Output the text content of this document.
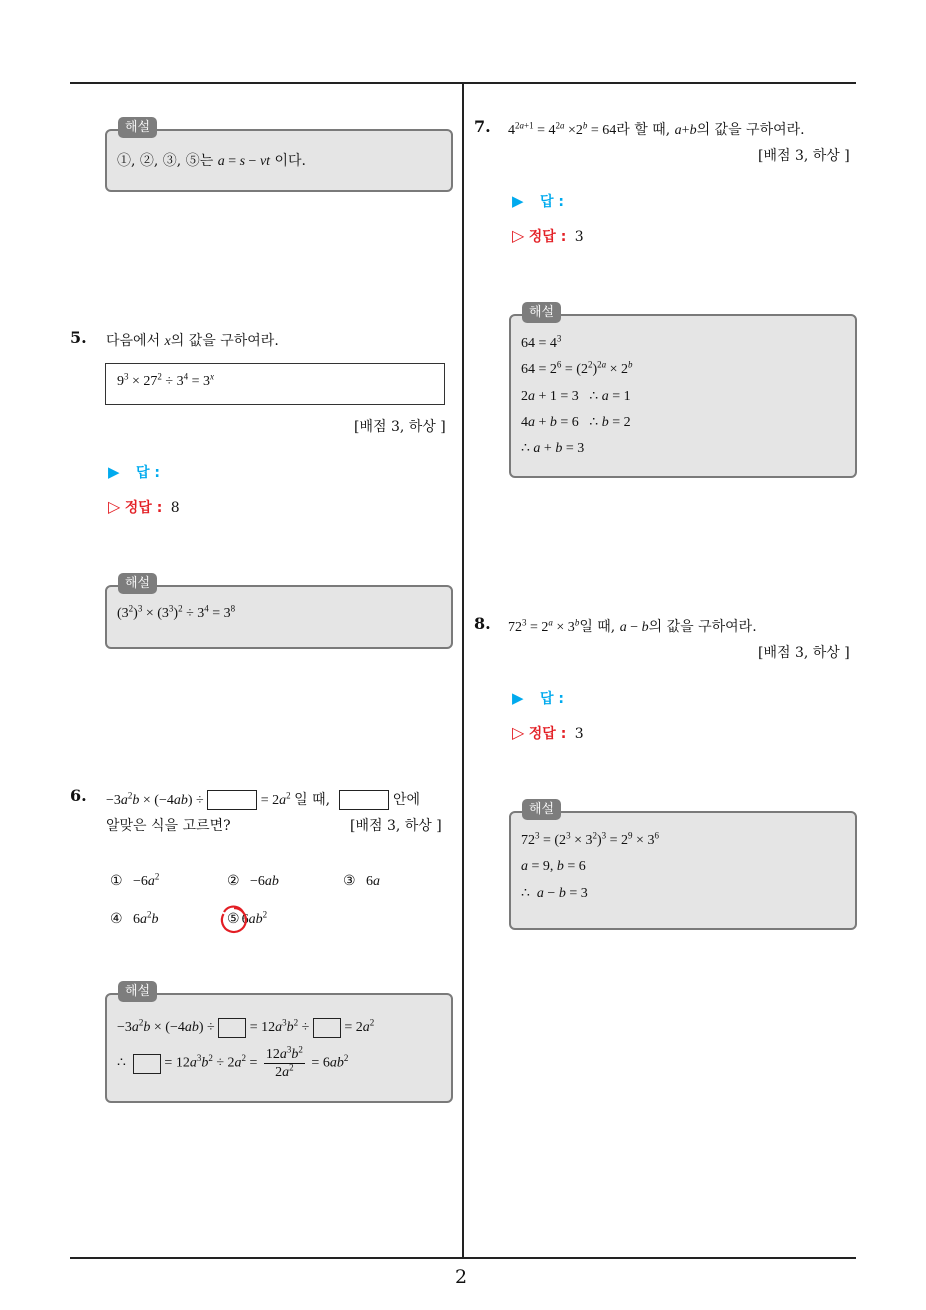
2
해설
①, ②, ③, ⑤는 a = s − vt 이다.
5. 다음에서 x의 값을 구하여라.
$9^3 \times 27^2 \div 3^4 = 3^x$
[배점 3, 하상 ]
▶ 답 :
▷ 정답 : 8
해설
$(3^2)^3 \times (3^3)^2 \div 3^4 = 3^8$
6. $-3a^2b \times (-4ab)$ ÷	= $2a^2$ 일 때,	안에
알맞은 식을 고르면?	[배점 3, 하상 ]
① $-6a^2$	② −6ab	③ 6a
④ $6a^2b$	⑤ $6ab^2$
해설
$-3a^2b \times (-4ab)$ ÷  = $12a^3b^2$ ÷  = $2a^2$
∴   = $12a^3b^2 \div 2a^2 = \frac{12a^3b^2}{2a^2} = 6ab^2$
7. $4^{2a+1} = 4^{2a} \times 2^b = 64$라 할 때, a+b의 값을 구하여라.
[배점 3, 하상 ]
▶ 답 :
▷ 정답 : 3
해설
$64 = 4^3$
$64 = 2^6 = (2^2)^{2a} \times 2^b$
2a + 1 = 3   ∴ a = 1
4a + b = 6   ∴ b = 2
∴ a + b = 3
8. $72^3 = 2^a \times 3^b$일 때, a − b의 값을 구하여라.
[배점 3, 하상 ]
▶ 답 :
▷ 정답 : 3
해설
$72^3 = (2^3 \times 3^2)^3 = 2^9 \times 3^6$
a = 9, b = 6
∴  a − b = 3
